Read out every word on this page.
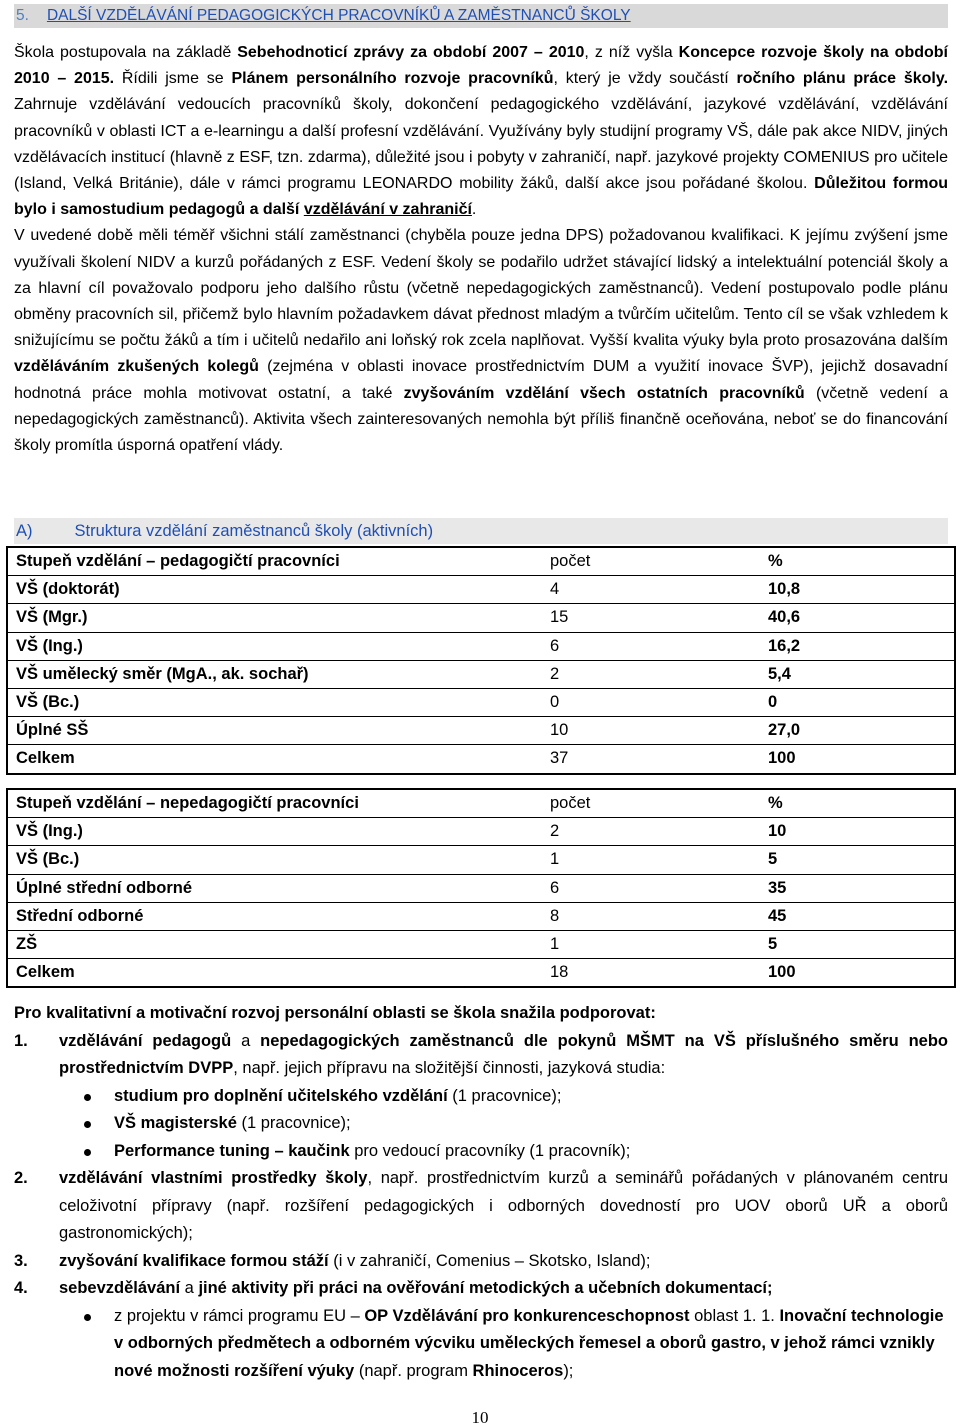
5. DALŠÍ VZDĚLÁVÁNÍ PEDAGOGICKÝCH PRACOVNÍKŮ A ZAMĚSTNANCŮ ŠKOLY

Škola postupovala na základě Sebehodnoticí zprávy za období 2007 – 2010, z níž vyšla Koncepce rozvoje školy na období 2010 – 2015. Řídili jsme se Plánem personálního rozvoje pracovníků, který je vždy součástí ročního plánu práce školy. Zahrnuje vzdělávání vedoucích pracovníků školy, dokončení pedagogického vzdělávání, jazykové vzdělávání, vzdělávání pracovníků v oblasti ICT a e-learningu a další profesní vzdělávání. Využívány byly studijní programy VŠ, dále pak akce NIDV, jiných vzdělávacích institucí (hlavně z ESF, tzn. zdarma), důležité jsou i pobyty v zahraničí, např. jazykové projekty COMENIUS pro učitele (Island, Velká Británie), dále v rámci programu LEONARDO mobility žáků, další akce jsou pořádané školou. Důležitou formou bylo i samostudium pedagogů a další vzdělávání v zahraničí.

V uvedené době měli téměř všichni stálí zaměstnanci (chyběla pouze jedna DPS) požadovanou kvalifikaci. K jejímu zvýšení jsme využívali školení NIDV a kurzů pořádaných z ESF. Vedení školy se podařilo udržet stávající lidský a intelektuální potenciál školy a za hlavní cíl považovalo podporu jeho dalšího růstu (včetně nepedagogických zaměstnanců). Vedení postupovalo podle plánu obměny pracovních sil, přičemž bylo hlavním požadavkem dávat přednost mladým a tvůrčím učitelům. Tento cíl se však vzhledem k snižujícímu se počtu žáků a tím i učitelů nedařilo ani loňský rok zcela naplňovat. Vyšší kvalita výuky byla proto prosazována dalším vzděláváním zkušených kolegů (zejména v oblasti inovace prostřednictvím DUM a využití inovace ŠVP), jejichž dosavadní hodnotná práce mohla motivovat ostatní, a také zvyšováním vzdělání všech ostatních pracovníků (včetně vedení a nepedagogických zaměstnanců). Aktivita všech zainteresovaných nemohla být příliš finančně oceňována, neboť se do financování školy promítla úsporná opatření vlády.

A)	Struktura vzdělání zaměstnanců školy (aktivních)
Stupeň vzdělání – pedagogičtí pracovníci	počet	%
VŠ (doktorát)	4	10,8
VŠ (Mgr.)	15	40,6
VŠ (Ing.)	6	16,2
VŠ umělecký směr (MgA., ak. sochař)	2	5,4
VŠ (Bc.)	0	0
Úplné SŠ	10	27,0
Celkem	37	100
Stupeň vzdělání – nepedagogičtí pracovníci	počet	%
VŠ (Ing.)	2	10
VŠ (Bc.)	1	5
Úplné střední odborné	6	35
Střední odborné	8	45
ZŠ	1	5
Celkem	18	100
Pro kvalitativní a motivační rozvoj personální oblasti se škola snažila podporovat:
1. vzdělávání pedagogů a nepedagogických zaměstnanců dle pokynů MŠMT na VŠ příslušného směru nebo prostřednictvím DVPP, např. jejich přípravu na složitější činnosti, jazyková studia:
studium pro doplnění učitelského vzdělání (1 pracovnice);
VŠ magisterské (1 pracovnice);
Performance tuning – kaučink pro vedoucí pracovníky (1 pracovník);
2. vzdělávání vlastními prostředky školy, např. prostřednictvím kurzů a seminářů pořádaných v plánovaném centru celoživotní přípravy (např. rozšíření pedagogických i odborných dovedností pro UOV oborů UŘ a oborů gastronomických);
3. zvyšování kvalifikace formou stáží (i v zahraničí, Comenius – Skotsko, Island);
4. sebevzdělávání a jiné aktivity při práci na ověřování metodických a učebních dokumentací;
z projektu v rámci programu EU – OP Vzdělávání pro konkurenceschopnost oblast 1. 1. Inovační technologie v odborných předmětech a odborném výcviku uměleckých řemesel a oborů gastro, v jehož rámci vznikly nové možnosti rozšíření výuky (např. program Rhinoceros);
10
